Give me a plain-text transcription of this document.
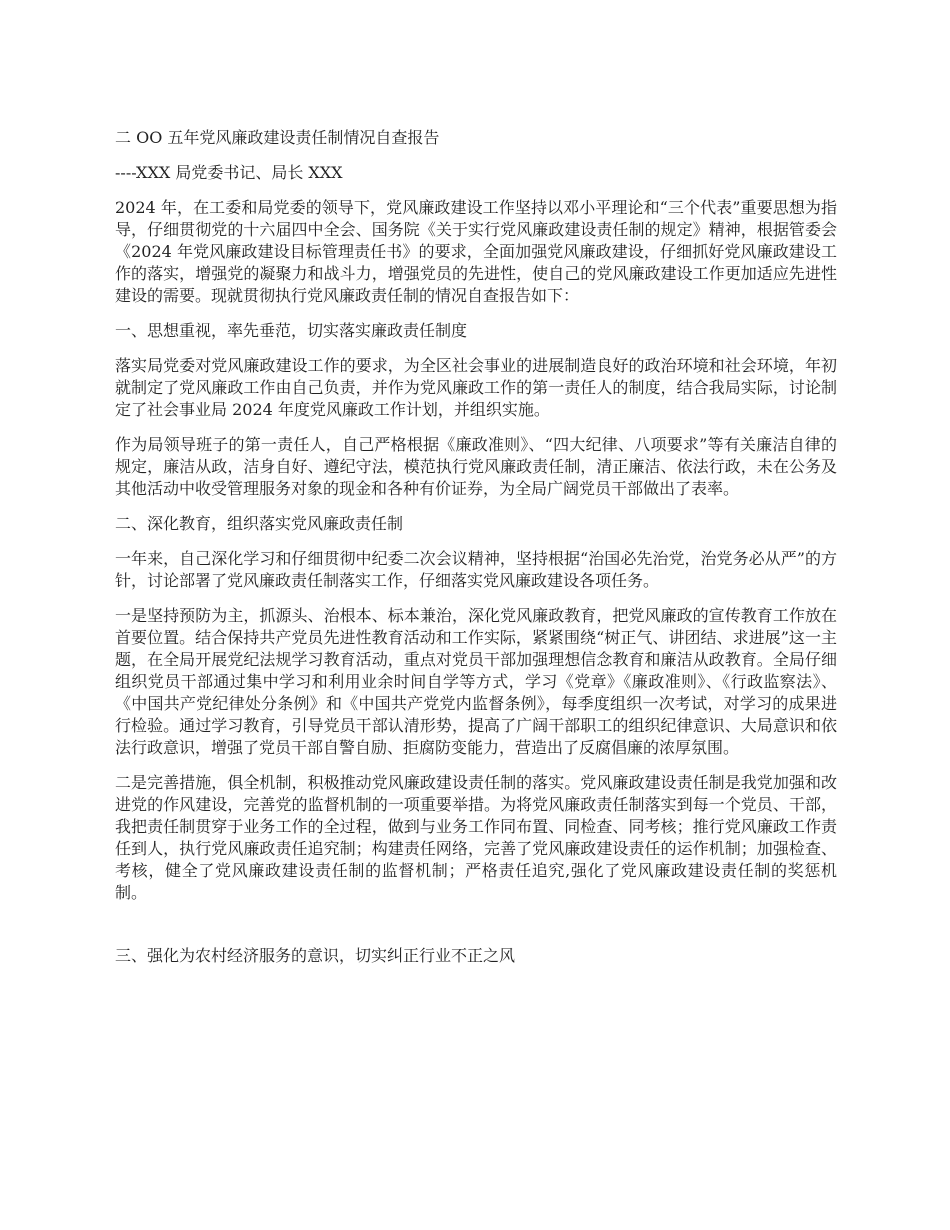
二 OO 五年党风廉政建设责任制情况自查报告

----XXX 局党委书记、局长 XXX

2024 年，在工委和局党委的领导下，党风廉政建设工作坚持以邓小平理论和“三个代表”重要思想为指导，仔细贯彻党的十六届四中全会、国务院《关于实行党风廉政建设责任制的规定》精神，根据管委会《2024 年党风廉政建设目标管理责任书》的要求，全面加强党风廉政建设，仔细抓好党风廉政建设工作的落实，增强党的凝聚力和战斗力，增强党员的先进性，使自己的党风廉政建设工作更加适应先进性建设的需要。现就贯彻执行党风廉政责任制的情况自查报告如下：

一、思想重视，率先垂范，切实落实廉政责任制度

落实局党委对党风廉政建设工作的要求，为全区社会事业的进展制造良好的政治环境和社会环境，年初就制定了党风廉政工作由自己负责，并作为党风廉政工作的第一责任人的制度，结合我局实际，讨论制定了社会事业局 2024 年度党风廉政工作计划，并组织实施。

作为局领导班子的第一责任人，自己严格根据《廉政准则》、“四大纪律、八项要求”等有关廉洁自律的规定，廉洁从政，洁身自好、遵纪守法，模范执行党风廉政责任制，清正廉洁、依法行政，未在公务及其他活动中收受管理服务对象的现金和各种有价证券，为全局广阔党员干部做出了表率。

二、深化教育，组织落实党风廉政责任制

一年来，自己深化学习和仔细贯彻中纪委二次会议精神，坚持根据“治国必先治党，治党务必从严”的方针，讨论部署了党风廉政责任制落实工作，仔细落实党风廉政建设各项任务。

一是坚持预防为主，抓源头、治根本、标本兼治，深化党风廉政教育，把党风廉政的宣传教育工作放在首要位置。结合保持共产党员先进性教育活动和工作实际，紧紧围绕“树正气、讲团结、求进展”这一主题，在全局开展党纪法规学习教育活动，重点对党员干部加强理想信念教育和廉洁从政教育。全局仔细组织党员干部通过集中学习和利用业余时间自学等方式，学习《党章》《廉政准则》、《行政监察法》、《中国共产党纪律处分条例》和《中国共产党党内监督条例》，每季度组织一次考试，对学习的成果进行检验。通过学习教育，引导党员干部认清形势，提高了广阔干部职工的组织纪律意识、大局意识和依法行政意识，增强了党员干部自警自励、拒腐防变能力，营造出了反腐倡廉的浓厚氛围。

二是完善措施，俱全机制，积极推动党风廉政建设责任制的落实。党风廉政建设责任制是我党加强和改进党的作风建设，完善党的监督机制的一项重要举措。为将党风廉政责任制落实到每一个党员、干部，我把责任制贯穿于业务工作的全过程，做到与业务工作同布置、同检查、同考核；推行党风廉政工作责任到人，执行党风廉政责任追究制；构建责任网络，完善了党风廉政建设责任的运作机制；加强检查、考核，健全了党风廉政建设责任制的监督机制；严格责任追究,强化了党风廉政建设责任制的奖惩机制。

三、强化为农村经济服务的意识，切实纠正行业不正之风
